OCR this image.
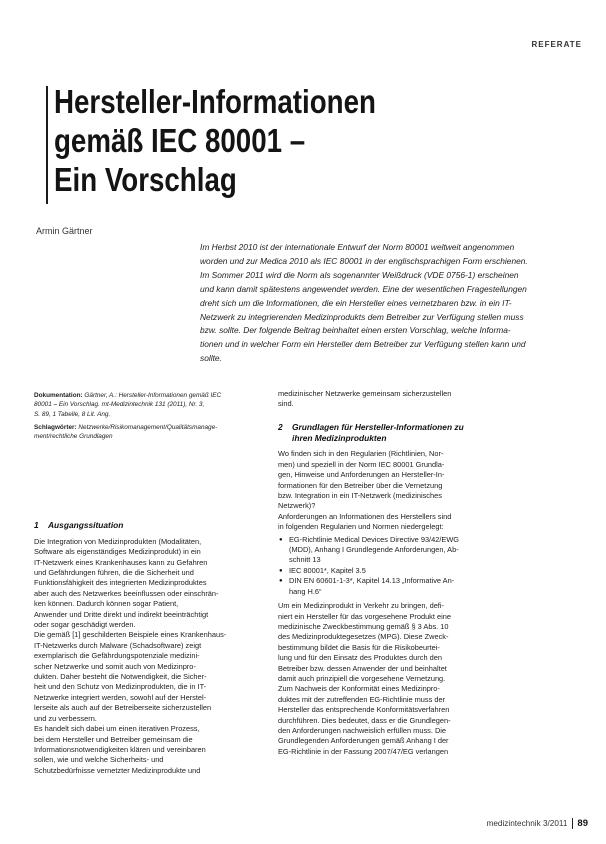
REFERATE
Hersteller-Informationen
gemäß IEC 80001 –
Ein Vorschlag
Armin Gärtner

Im Herbst 2010 ist der internationale Entwurf der Norm 80001 weltweit angenommen
worden und zur Medica 2010 als IEC 80001 in der englischsprachigen Form erschienen.
Im Sommer 2011 wird die Norm als sogenannter Weißdruck (VDE 0756-1) erscheinen
und kann damit spätestens angewendet werden. Eine der wesentlichen Fragestellungen
dreht sich um die Informationen, die ein Hersteller eines vernetzbaren bzw. in ein IT-
Netzwerk zu integrierenden Medizinprodukts dem Betreiber zur Verfügung stellen muss
bzw. sollte. Der folgende Beitrag beinhaltet einen ersten Vorschlag, welche Informa-
tionen und in welcher Form ein Hersteller dem Betreiber zur Verfügung stellen kann und
sollte.

Dokumentation: Gärtner, A.: Hersteller-Informationen gemäß IEC
80001 – Ein Vorschlag. mt-Medizintechnik 131 (2011), Nr. 3,
S. 89, 1 Tabelle, 8 Lit. Ang.

Schlagwörter: Netzwerke/Risikomanagement/Qualitätsmanage-
ment/rechtliche Grundlagen

1 Ausgangssituation
Die Integration von Medizinprodukten (Modalitäten,
Software als eigenständiges Medizinprodukt) in ein
IT-Netzwerk eines Krankenhauses kann zu Gefahren
und Gefährdungen führen, die die Sicherheit und
Funktionsfähigkeit des integrierten Medizinproduktes
aber auch des Netzwerkes beeinflussen oder einschrän-
ken können. Dadurch können sogar Patient,
Anwender und Dritte direkt und indirekt beeinträchtigt
oder sogar geschädigt werden.
Die gemäß [1] geschilderten Beispiele eines Krankenhaus-
IT-Netzwerks durch Malware (Schadsoftware) zeigt
exemplarisch die Gefährdungspotenziale medizini-
scher Netzwerke und somit auch von Medizinpro-
dukten. Daher besteht die Notwendigkeit, die Sicher-
heit und den Schutz von Medizinprodukten, die in IT-
Netzwerke integriert werden, sowohl auf der Herstel-
lerseite als auch auf der Betreiberseite sicherzustellen
und zu verbessern.
Es handelt sich dabei um einen iterativen Prozess,
bei dem Hersteller und Betreiber gemeinsam die
Informationsnotwendigkeiten klären und vereinbaren
sollen, wie und welche Sicherheits- und
Schutzbedürfnisse vernetzter Medizinprodukte und
medizinischer Netzwerke gemeinsam sicherzustellen
sind.
2 Grundlagen für Hersteller-Informationen zu
ihren Medizinprodukten
Wo finden sich in den Regularien (Richtlinien, Nor-
men) und speziell in der Norm IEC 80001 Grundla-
gen, Hinweise und Anforderungen an Hersteller-In-
formationen für den Betreiber über die Vernetzung
bzw. Integration in ein IT-Netzwerk (medizinisches
Netzwerk)?
Anforderungen an Informationen des Herstellers sind
in folgenden Regularien und Normen niedergelegt:
● EG-Richtlinie Medical Devices Directive 93/42/EWG
(MDD), Anhang I Grundlegende Anforderungen, Ab-
schnitt 13
● IEC 80001*, Kapitel 3.5
● DIN EN 60601-1-3*, Kapitel 14.13 „Informative An-
hang H.6“
Um ein Medizinprodukt in Verkehr zu bringen, defi-
niert ein Hersteller für das vorgesehene Produkt eine
medizinische Zweckbestimmung gemäß § 3 Abs. 10
des Medizinproduktegesetzes (MPG). Diese Zweck-
bestimmung bildet die Basis für die Risikobeurtei-
lung und für den Einsatz des Produktes durch den
Betreiber bzw. dessen Anwender der und beinhaltet
damit auch prinzipiell die vorgesehene Vernetzung.
Zum Nachweis der Konformität eines Medizinpro-
duktes mit der zutreffenden EG-Richtlinie muss der
Hersteller das entsprechende Konformitätsverfahren
durchführen. Dies bedeutet, dass er die Grundlegen-
den Anforderungen nachweislich erfüllen muss. Die
Grundlegenden Anforderungen gemäß Anhang I der
EG-Richtlinie in der Fassung 2007/47/EG verlangen
medizintechnik 3/2011	89
